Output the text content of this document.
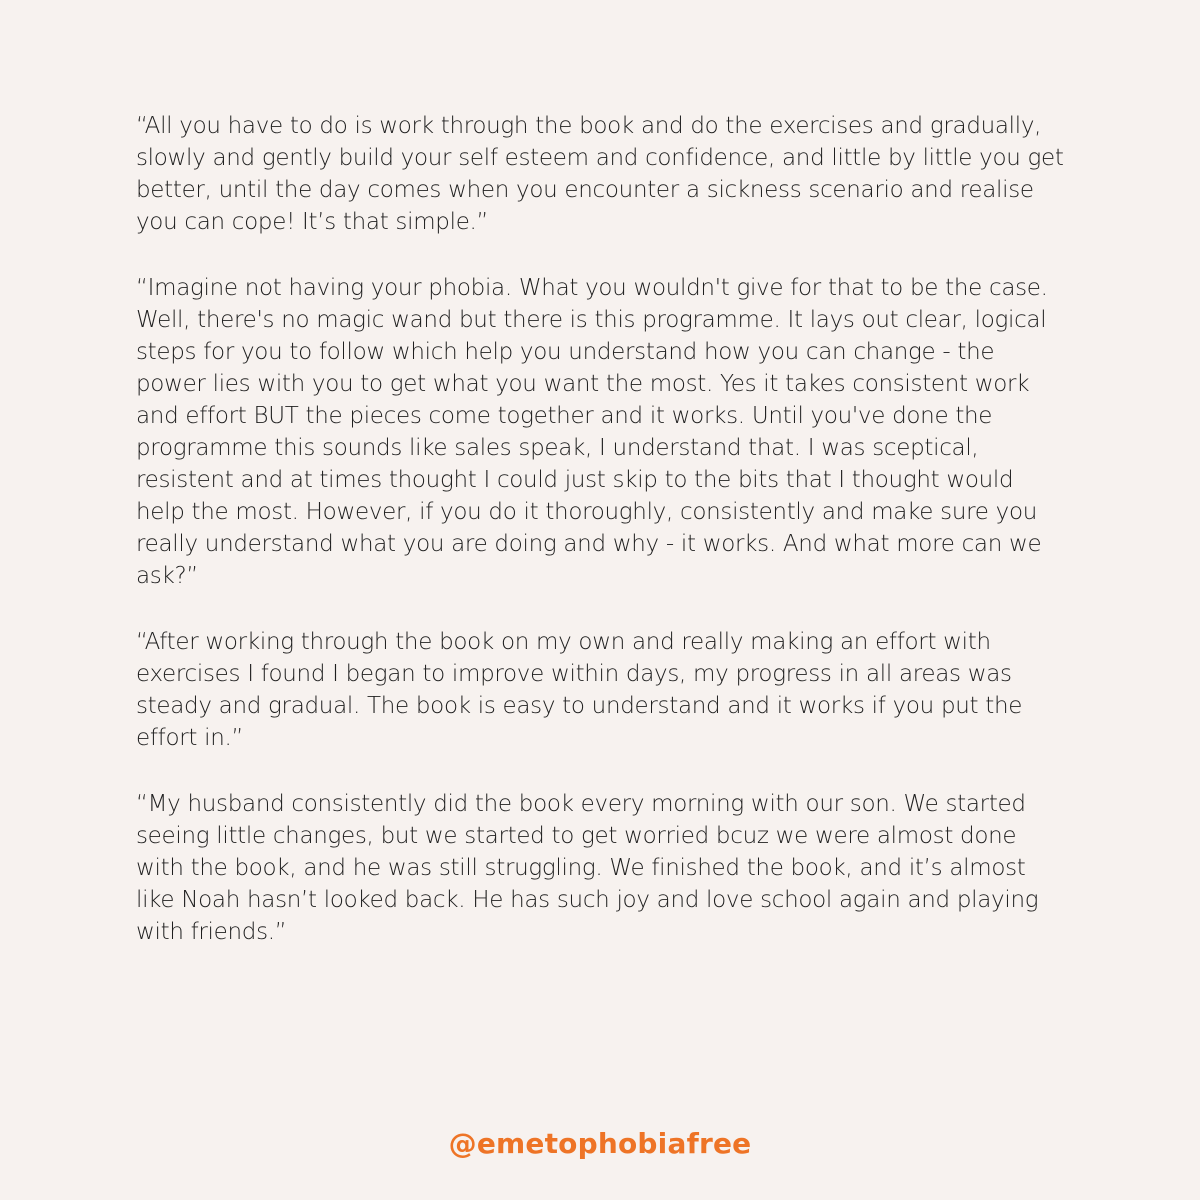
“All you have to do is work through the book and do the exercises and gradually, slowly and gently build your self esteem and confidence, and little by little you get better, until the day comes when you encounter a sickness scenario and realise you can cope! It’s that simple.”

“Imagine not having your phobia. What you wouldn't give for that to be the case. Well, there's no magic wand but there is this programme. It lays out clear, logical steps for you to follow which help you understand how you can change - the power lies with you to get what you want the most. Yes it takes consistent work and effort BUT the pieces come together and it works. Until you've done the programme this sounds like sales speak, I understand that. I was sceptical, resistent and at times thought I could just skip to the bits that I thought would help the most. However, if you do it thoroughly, consistently and make sure you really understand what you are doing and why - it works. And what more can we ask?”

“After working through the book on my own and really making an effort with exercises I found I began to improve within days, my progress in all areas was steady and gradual. The book is easy to understand and it works if you put the effort in.”

“My husband consistently did the book every morning with our son. We started seeing little changes, but we started to get worried bcuz we were almost done with the book, and he was still struggling. We finished the book, and it’s almost like Noah hasn’t looked back. He has such joy and love school again and playing with friends.”

@emetophobiafree
